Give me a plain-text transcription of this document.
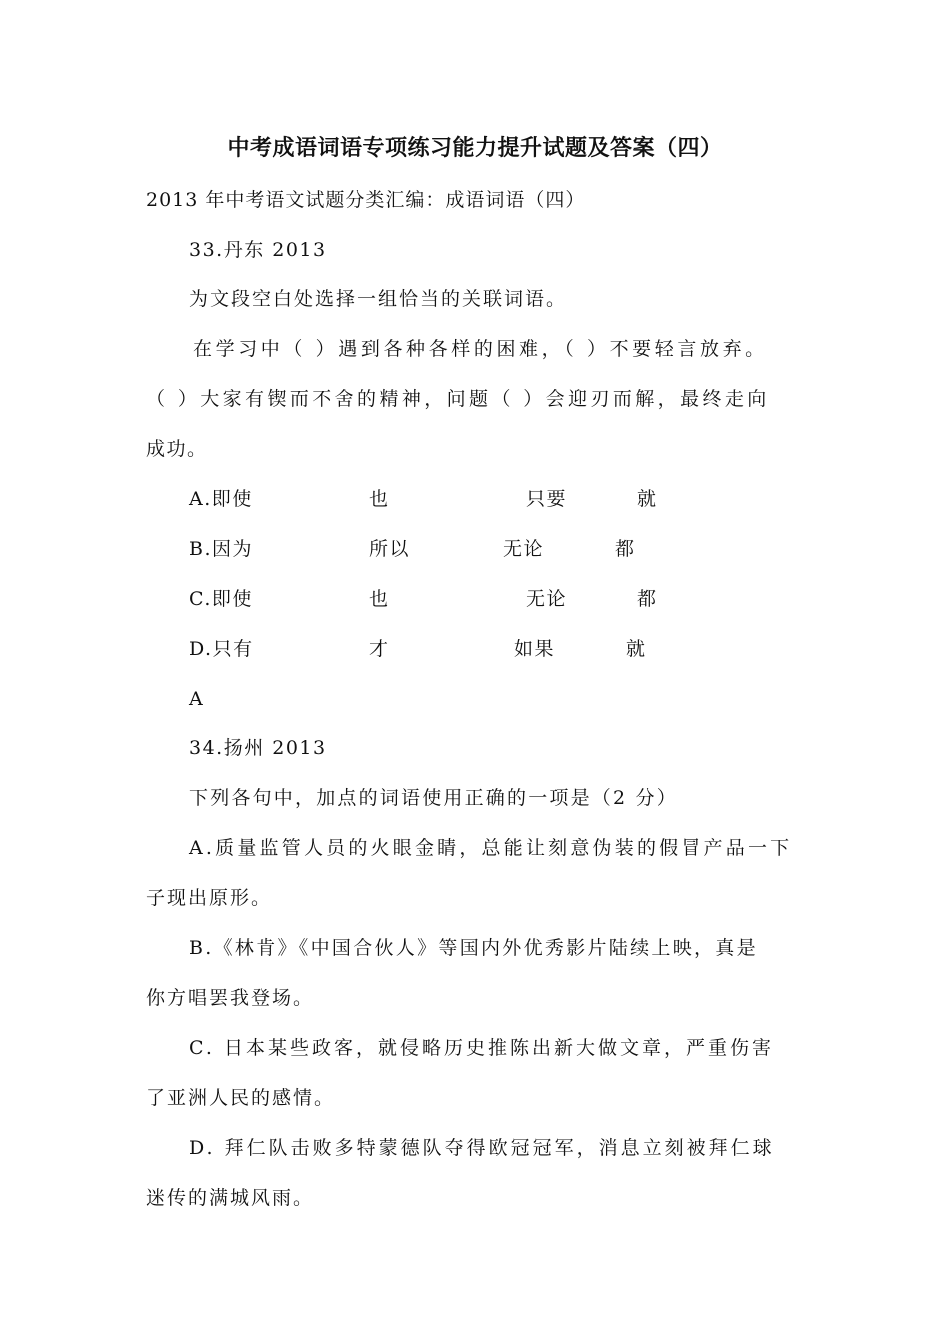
中考成语词语专项练习能力提升试题及答案（四）
2013 年中考语文试题分类汇编：成语词语（四）
33.丹东 2013
为文段空白处选择一组恰当的关联词语。
在学习中（ ）遇到各种各样的困难，（ ）不要轻言放弃。
（ ）大家有锲而不舍的精神，问题（ ）会迎刃而解，最终走向
成功。
A.即使	也	只要	就
B.因为	所以	无论	都
C.即使	也	无论	都
D.只有	才	如果	就
A
34.扬州 2013
下列各句中，加点的词语使用正确的一项是（2 分）
A.质量监管人员的火眼金睛，总能让刻意伪装的假冒产品一下
子现出原形。
B.《林肯》《中国合伙人》等国内外优秀影片陆续上映，真是
你方唱罢我登场。
C. 日本某些政客，就侵略历史推陈出新大做文章，严重伤害
了亚洲人民的感情。
D. 拜仁队击败多特蒙德队夺得欧冠冠军，消息立刻被拜仁球
迷传的满城风雨。
